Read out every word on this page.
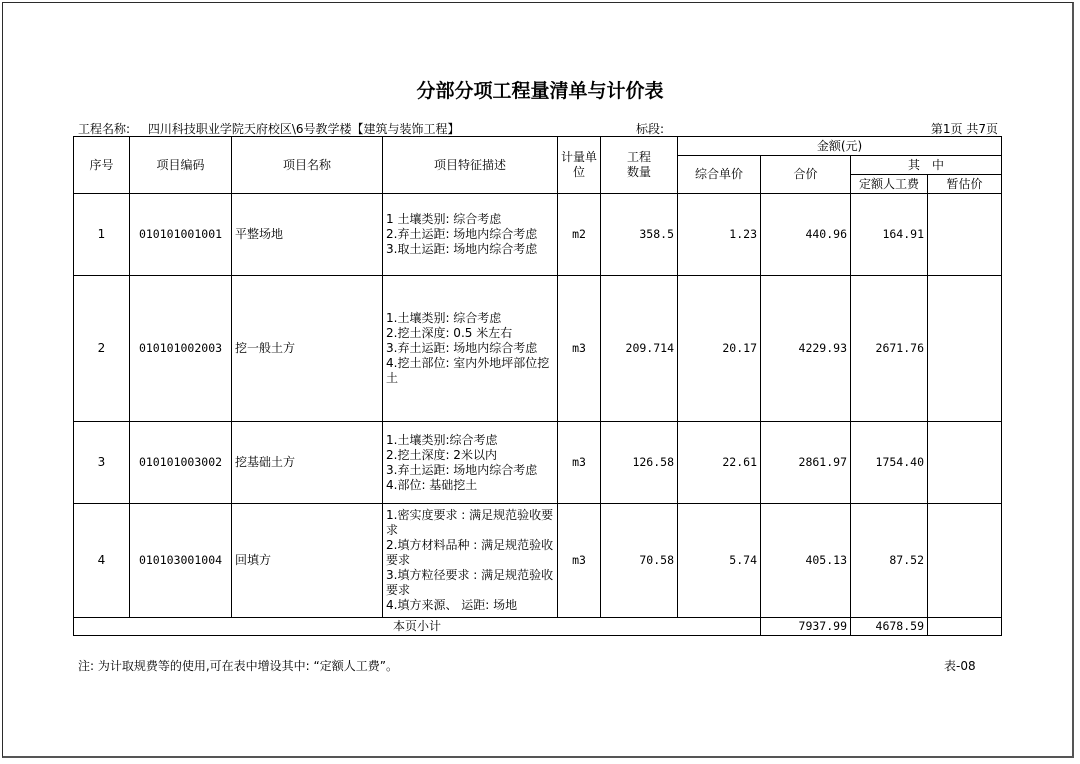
分部分项工程量清单与计价表
工程名称: 四川科技职业学院天府校区\6号教学楼【建筑与装饰工程】	标段:	第1页 共7页
序号	项目编码	项目名称	项目特征描述	计量单位	工程数量	金额(元)			
						综合单价	合价	其　中	
								定额人工费	暂估价
1	010101001001	平整场地	1 土壤类别: 综合考虑
2.弃土运距: 场地内综合考虑
3.取土运距: 场地内综合考虑	m2	358.5	1.23	440.96	164.91	
2	010101002003	挖一般土方	1.土壤类别: 综合考虑
2.挖土深度: 0.5 米左右
3.弃土运距: 场地内综合考虑
4.挖土部位: 室内外地坪部位挖土	m3	209.714	20.17	4229.93	2671.76	
3	010101003002	挖基础土方	1.土壤类别:综合考虑
2.挖土深度: 2米以内
3.弃土运距: 场地内综合考虑
4.部位: 基础挖土	m3	126.58	22.61	2861.97	1754.40	
4	010103001004	回填方	1.密实度要求 : 满足规范验收要求
2.填方材料品种 : 满足规范验收要求
3.填方粒径要求 : 满足规范验收要求
4.填方来源、 运距: 场地	m3	70.58	5.74	405.13	87.52	
本页小计							7937.99	4678.59	
注: 为计取规费等的使用,可在表中增设其中: “定额人工费”。	表-08
